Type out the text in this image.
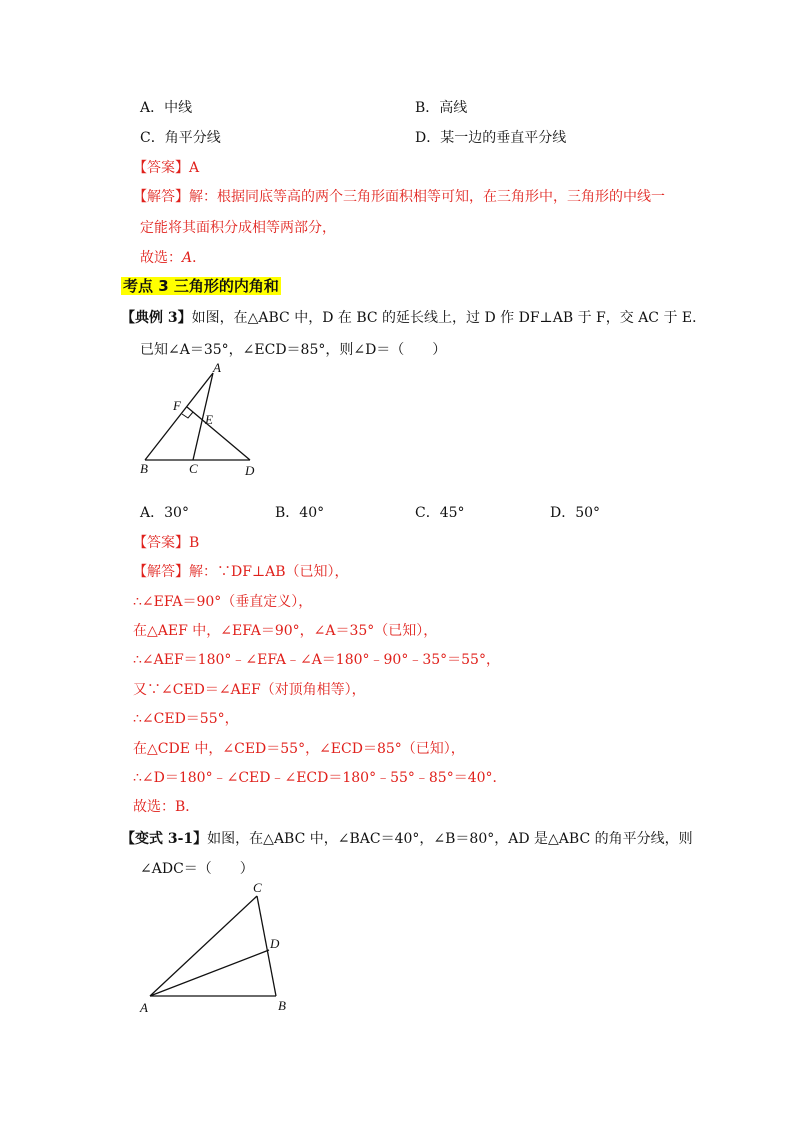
A．中线	B．高线
C．角平分线	D．某一边的垂直平分线
【答案】A
【解答】解：根据同底等高的两个三角形面积相等可知，在三角形中，三角形的中线一
定能将其面积分成相等两部分，
故选：A．
考点 3 三角形的内角和
【典例 3】如图，在△ABC 中，D 在 BC 的延长线上，过 D 作 DF⊥AB 于 F，交 AC 于 E．
已知∠A＝35°，∠ECD＝85°，则∠D＝（　　）
A
F
E
B	C	D
A．30°	B．40°	C．45°	D．50°
【答案】B
【解答】解：∵DF⊥AB（已知），
∴∠EFA＝90°（垂直定义），
在△AEF 中，∠EFA＝90°，∠A＝35°（已知），
∴∠AEF＝180°﹣∠EFA﹣∠A＝180°﹣90°﹣35°＝55°，
又∵∠CED＝∠AEF（对顶角相等），
∴∠CED＝55°，
在△CDE 中，∠CED＝55°，∠ECD＝85°（已知），
∴∠D＝180°﹣∠CED﹣∠ECD＝180°﹣55°﹣85°＝40°．
故选：B．
【变式 3-1】如图，在△ABC 中，∠BAC＝40°，∠B＝80°，AD 是△ABC 的角平分线，则
∠ADC＝（　　）
C
D
A	B
